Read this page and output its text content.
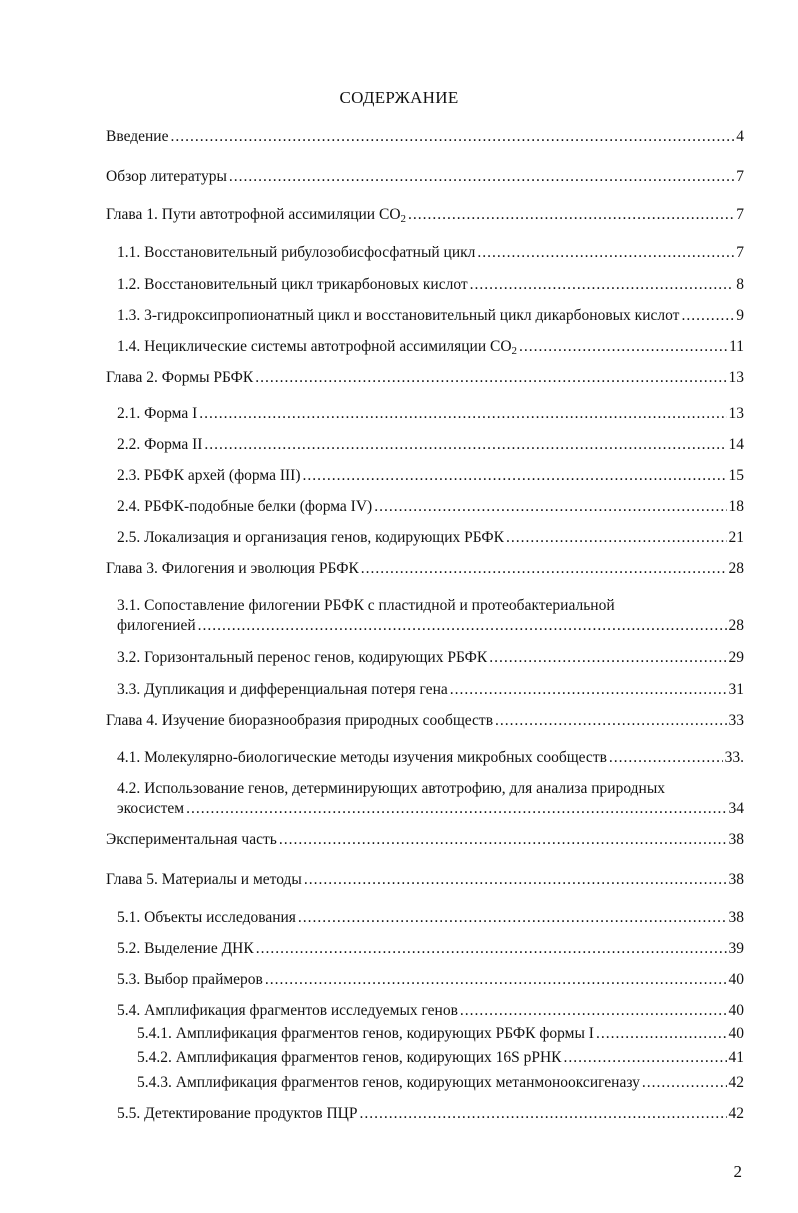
СОДЕРЖАНИЕ
Введение .....	4
Обзор литературы .....	7
Глава 1. Пути автотрофной ассимиляции $CO_2$ .....	7
1.1. Восстановительный рибулозобисфосфатный цикл .....	7
1.2. Восстановительный цикл трикарбоновых кислот .....	8
1.3. 3-гидроксипропионатный цикл и восстановительный цикл дикарбоновых кислот .....	9
1.4. Нециклические системы автотрофной ассимиляции $CO_2$ .....	11
Глава 2. Формы РБФК .....	13
2.1. Форма I .....	13
2.2. Форма II .....	14
2.3. РБФК архей (форма III) .....	15
2.4. РБФК-подобные белки (форма IV) .....	18
2.5. Локализация и организация генов, кодирующих РБФК .....	21
Глава 3. Филогения и эволюция РБФК .....	28
3.1. Сопоставление филогении РБФК с пластидной и протеобактериальной
филогенией .....	28
3.2. Горизонтальный перенос генов, кодирующих РБФК .....	29
3.3. Дупликация и дифференциальная потеря гена .....	31
Глава 4. Изучение биоразнообразия природных сообществ .....	33
4.1. Молекулярно-биологические методы изучения микробных сообществ .....	33.
4.2. Использование генов, детерминирующих автотрофию, для анализа природных
экосистем .....	34
Экспериментальная часть .....	38
Глава 5. Материалы и методы .....	38
5.1. Объекты исследования .....	38
5.2. Выделение ДНК .....	39
5.3. Выбор праймеров .....	40
5.4. Амплификация фрагментов исследуемых генов .....	40
5.4.1. Амплификация фрагментов генов, кодирующих РБФК формы I .....	40
5.4.2. Амплификация фрагментов генов, кодирующих 16S рРНК .....	41
5.4.3. Амплификация фрагментов генов, кодирующих метанмонооксигеназу .....	42
5.5. Детектирование продуктов ПЦР .....	42
2
